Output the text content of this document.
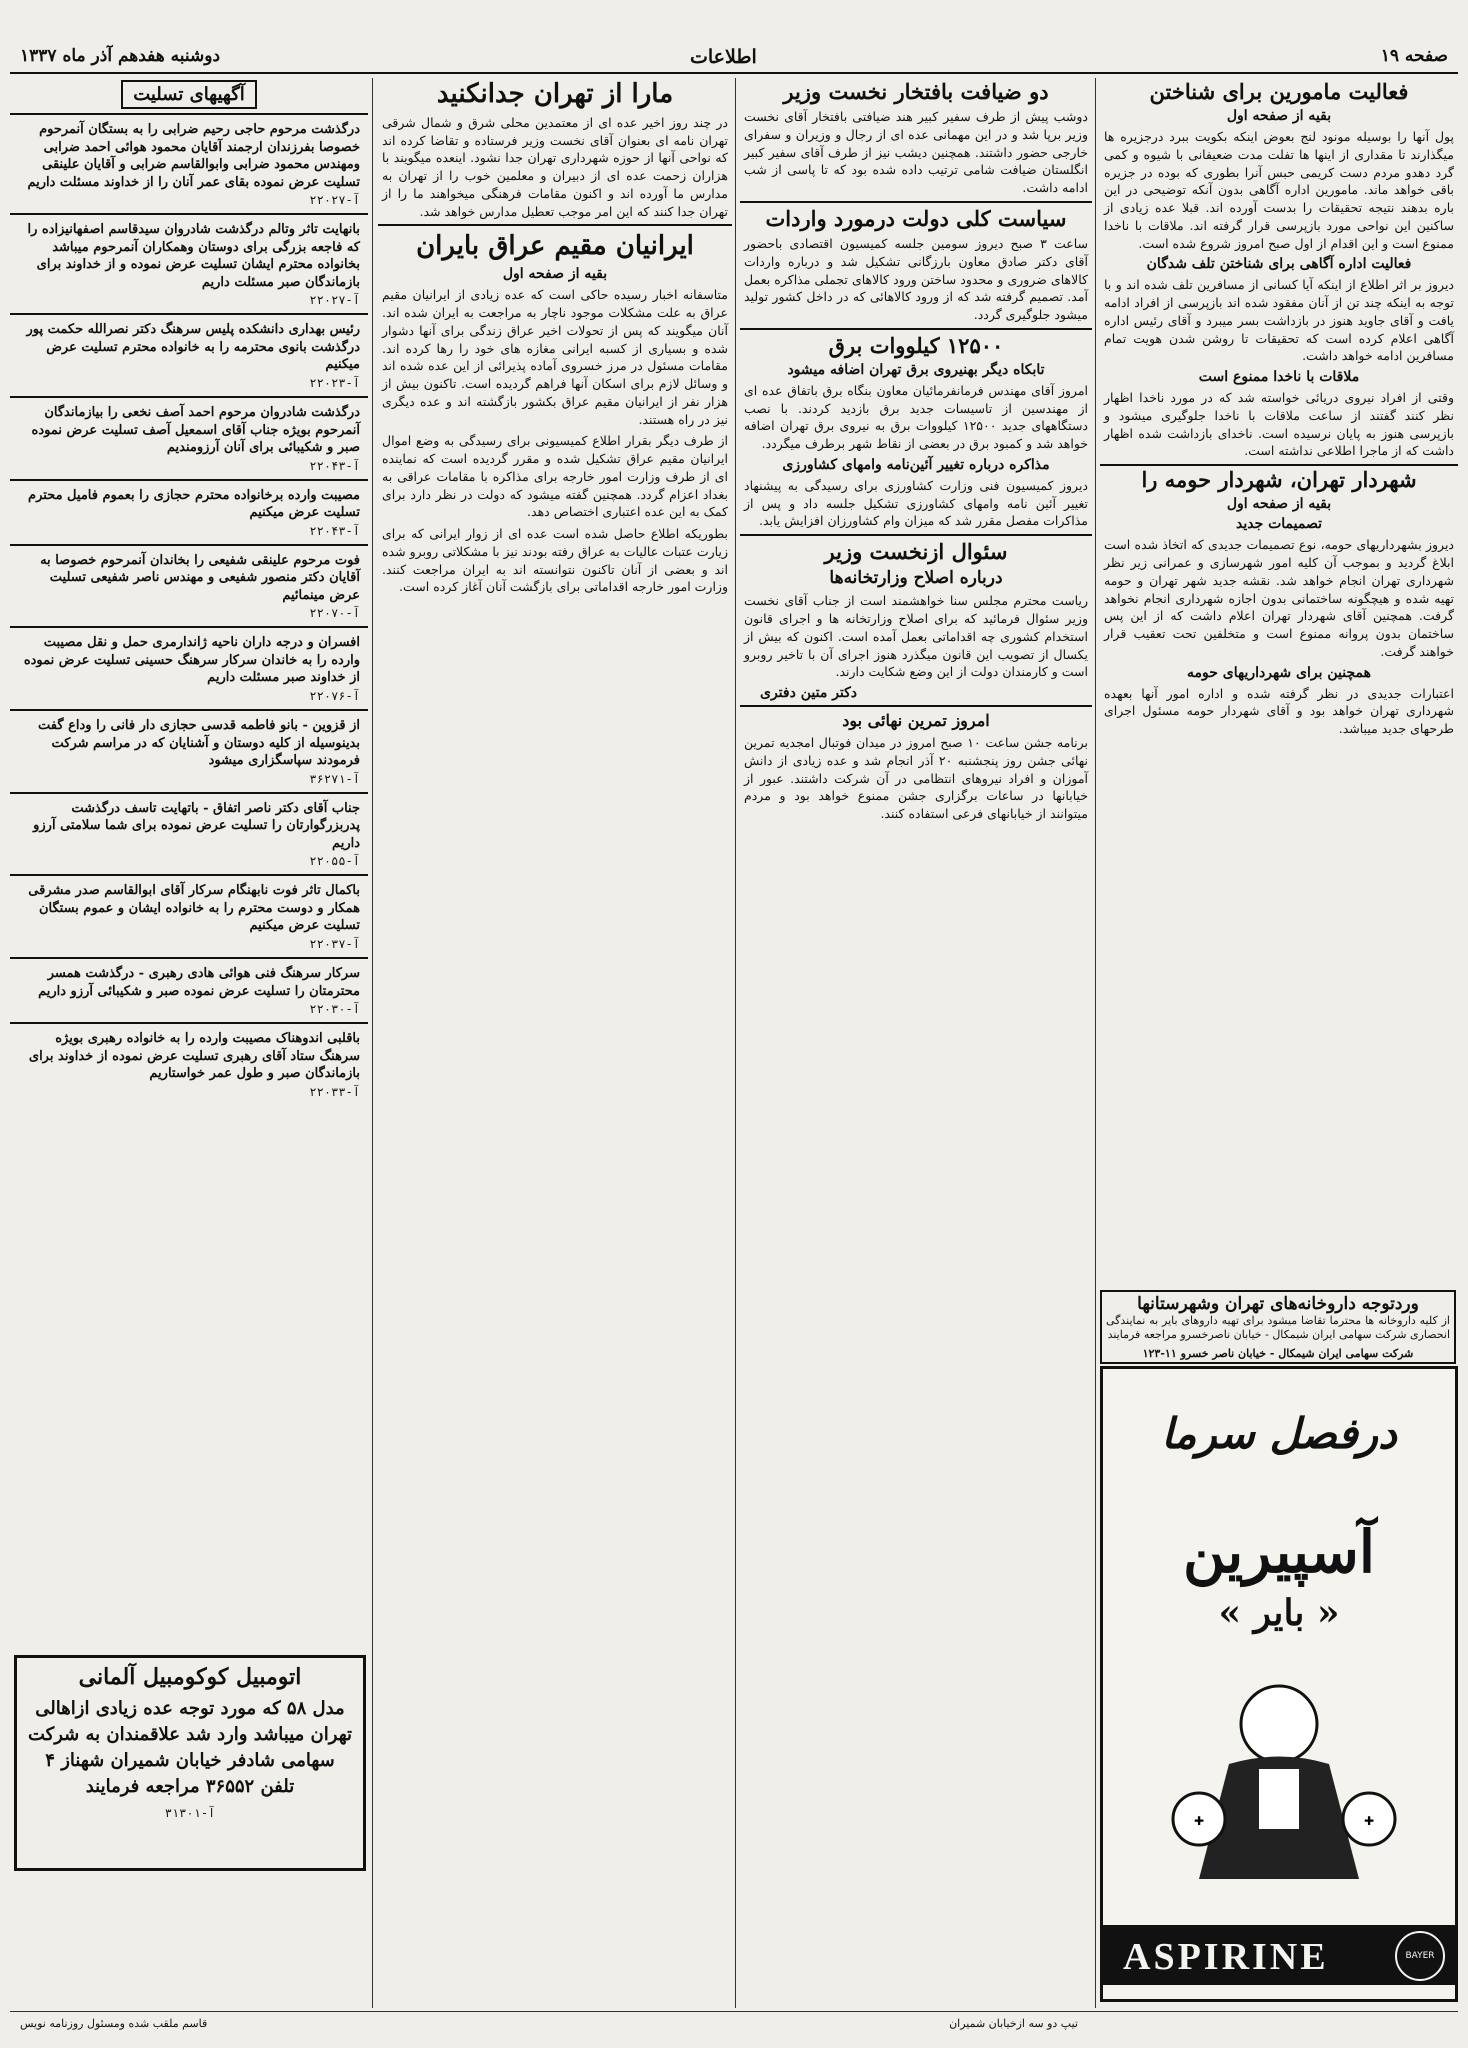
صفحه ۱۹
اطلاعات
دوشنبه هفدهم آذر ماه ۱۳۳۷
فعالیت مامورین برای شناختن
بقیه از صفحه اول

پول آنها را بوسیله مونود لنج بعوض اینکه بکویت ببرد درجزیره ها میگذارند تا مقداری از اینها ها تفلت مدت ضعیفانی با شیوه و کمی گرد دهدو مردم دست کریمی حبس آنرا بطوری که بوده در جزیره باقی خواهد ماند. مامورین اداره آگاهی بدون آنکه توضیحی در این باره بدهند نتیجه تحقیقات را بدست آورده اند. قبلا عده زیادی از ساکنین این نواحی مورد بازپرسی قرار گرفته اند. ملاقات با ناخدا ممنوع است و این اقدام از اول صبح امروز شروع شده است.

فعالیت اداره آگاهی برای شناختن تلف شدگان

دیروز بر اثر اطلاع از اینکه آیا کسانی از مسافرین تلف شده اند و با توجه به اینکه چند تن از آنان مفقود شده اند بازپرسی از افراد ادامه یافت و آقای جاوید هنوز در بازداشت بسر میبرد و آقای رئیس اداره آگاهی اعلام کرده است که تحقیقات تا روشن شدن هویت تمام مسافرین ادامه خواهد داشت.

ملاقات با ناخدا ممنوع است

وقتی از افراد نیروی دریائی خواسته شد که در مورد ناخدا اظهار نظر کنند گفتند از ساعت ملاقات با ناخدا جلوگیری میشود و بازپرسی هنوز به پایان نرسیده است. ناخدای بازداشت شده اظهار داشت که از ماجرا اطلاعی نداشته است.

شهردار تهران، شهردار حومه را
بقیه از صفحه اول
تصمیمات جدید

دیروز بشهرداریهای حومه، نوع تصمیمات جدیدی که اتخاذ شده است ابلاغ گردید و بموجب آن کلیه امور شهرسازی و عمرانی زیر نظر شهرداری تهران انجام خواهد شد. نقشه جدید شهر تهران و حومه تهیه شده و هیچگونه ساختمانی بدون اجازه شهرداری انجام نخواهد گرفت. همچنین آقای شهردار تهران اعلام داشت که از این پس ساختمان بدون پروانه ممنوع است و متخلفین تحت تعقیب قرار خواهند گرفت.

همچنین برای شهرداریهای حومه

اعتبارات جدیدی در نظر گرفته شده و اداره امور آنها بعهده شهرداری تهران خواهد بود و آقای شهردار حومه مسئول اجرای طرحهای جدید میباشد.

وردتوجه داروخانه‌های تهران وشهرستانها
از کلیه داروخانه ها محترما تقاضا میشود برای تهیه داروهای بایر به نمایندگی انحصاری شرکت سهامی ایران شیمکال - خیابان ناصرخسرو مراجعه فرمایند
شرکت سهامی ایران شیمکال - خیابان ناصر خسرو ۱۱-۱۲۳
درفصل سرما
آسپیرین
« بایر »
✚	✚
ASPIRINE	BAYER
دو ضیافت بافتخار نخست وزیر

دوشب پیش از طرف سفیر کبیر هند ضیافتی بافتخار آقای نخست وزیر برپا شد و در این مهمانی عده ای از رجال و وزیران و سفرای خارجی حضور داشتند. همچنین دیشب نیز از طرف آقای سفیر کبیر انگلستان ضیافت شامی ترتیب داده شده بود که تا پاسی از شب ادامه داشت.

سیاست کلی دولت درمورد واردات

ساعت ۳ صبح دیروز سومین جلسه کمیسیون اقتصادی باحضور آقای دکتر صادق معاون بارزگانی تشکیل شد و درباره واردات کالاهای ضروری و محدود ساختن ورود کالاهای تجملی مذاکره بعمل آمد. تصمیم گرفته شد که از ورود کالاهائی که در داخل کشور تولید میشود جلوگیری گردد.

۱۲۵۰۰ کیلووات برق
تابکاه دیگر بهنیروی برق تهران اضافه میشود

امروز آقای مهندس فرمانفرمائیان معاون بنگاه برق باتفاق عده ای از مهندسین از تاسیسات جدید برق بازدید کردند. با نصب دستگاههای جدید ۱۲۵۰۰ کیلووات برق به نیروی برق تهران اضافه خواهد شد و کمبود برق در بعضی از نقاط شهر برطرف میگردد.

مذاکره درباره تغییر آئین‌نامه وامهای کشاورزی

دیروز کمیسیون فنی وزارت کشاورزی برای رسیدگی به پیشنهاد تغییر آئین نامه وامهای کشاورزی تشکیل جلسه داد و پس از مذاکرات مفصل مقرر شد که میزان وام کشاورزان افزایش یابد.

سئوال ازنخست وزیر
درباره اصلاح وزارتخانه‌ها

ریاست محترم مجلس سنا خواهشمند است از جناب آقای نخست وزیر سئوال فرمائید که برای اصلاح وزارتخانه ها و اجرای قانون استخدام کشوری چه اقداماتی بعمل آمده است. اکنون که بیش از یکسال از تصویب این قانون میگذرد هنوز اجرای آن با تاخیر روبرو است و کارمندان دولت از این وضع شکایت دارند.

دکتر متین دفتری
امروز تمرین نهائی بود

برنامه جشن ساعت ۱۰ صبح امروز در میدان فوتبال امجدیه تمرین نهائی جشن روز پنجشنبه ۲۰ آذر انجام شد و عده زیادی از دانش آموزان و افراد نیروهای انتظامی در آن شرکت داشتند. عبور از خیابانها در ساعات برگزاری جشن ممنوع خواهد بود و مردم میتوانند از خیابانهای فرعی استفاده کنند.

مارا از تهران جدانکنید

در چند روز اخیر عده ای از معتمدین محلی شرق و شمال شرقی تهران نامه ای بعنوان آقای نخست وزیر فرستاده و تقاضا کرده اند که نواحی آنها از حوزه شهرداری تهران جدا نشود. اینعده میگویند با هزاران زحمت عده ای از دبیران و معلمین خوب را از تهران به مدارس ما آورده اند و اکنون مقامات فرهنگی میخواهند ما را از تهران جدا کنند که این امر موجب تعطیل مدارس خواهد شد.

ایرانیان مقیم عراق بایران
بقیه از صفحه اول

متاسفانه اخبار رسیده حاکی است که عده زیادی از ایرانیان مقیم عراق به علت مشکلات موجود ناچار به مراجعت به ایران شده اند. آنان میگویند که پس از تحولات اخیر عراق زندگی برای آنها دشوار شده و بسیاری از کسبه ایرانی مغازه های خود را رها کرده اند. مقامات مسئول در مرز خسروی آماده پذیرائی از این عده شده اند و وسائل لازم برای اسکان آنها فراهم گردیده است. تاکنون بیش از هزار نفر از ایرانیان مقیم عراق بکشور بازگشته اند و عده دیگری نیز در راه هستند.

از طرف دیگر بقرار اطلاع کمیسیونی برای رسیدگی به وضع اموال ایرانیان مقیم عراق تشکیل شده و مقرر گردیده است که نماینده ای از طرف وزارت امور خارجه برای مذاکره با مقامات عراقی به بغداد اعزام گردد. همچنین گفته میشود که دولت در نظر دارد برای کمک به این عده اعتباری اختصاص دهد.

بطوریکه اطلاع حاصل شده است عده ای از زوار ایرانی که برای زیارت عتبات عالیات به عراق رفته بودند نیز با مشکلاتی روبرو شده اند و بعضی از آنان تاکنون نتوانسته اند به ایران مراجعت کنند. وزارت امور خارجه اقداماتی برای بازگشت آنان آغاز کرده است.

آگهیهای تسلیت
درگذشت مرحوم حاجی رحیم ضرابی را به بستگان آنمرحوم خصوصا بفرزندان ارجمند آقایان محمود هوائی احمد ضرابی ومهندس محمود ضرابی وابوالقاسم ضرابی و آقایان علینقی تسلیت عرض نموده بقای عمر آنان را از خداوند مسئلت داریم
آ-۲۲۰۲۷
بانهایت تاثر وتالم درگذشت شادروان سیدقاسم اصفهانیزاده را که فاجعه بزرگی برای دوستان وهمکاران آنمرحوم میباشد بخانواده محترم ایشان تسلیت عرض نموده و از خداوند برای بازماندگان صبر مسئلت داریم
آ-۲۲۰۲۷
رئیس بهداری دانشکده پلیس سرهنگ دکتر نصرالله حکمت پور درگذشت بانوی محترمه را به خانواده محترم تسلیت عرض میکنیم
آ-۲۲۰۲۳
درگذشت شادروان مرحوم احمد آصف نخعی را بیازماندگان آنمرحوم بویژه جناب آقای اسمعیل آصف تسلیت عرض نموده صبر و شکیبائی برای آنان آرزومندیم
آ-۲۲۰۴۳
مصیبت وارده برخانواده محترم حجازی را بعموم فامیل محترم تسلیت عرض میکنیم
آ-۲۲۰۴۳
فوت مرحوم علینقی شفیعی را بخاندان آنمرحوم خصوصا به آقایان دکتر منصور شفیعی و مهندس ناصر شفیعی تسلیت عرض مینمائیم
آ-۲۲۰۷۰
افسران و درجه داران ناحیه ژاندارمری حمل و نقل مصیبت وارده را به خاندان سرکار سرهنگ حسینی تسلیت عرض نموده از خداوند صبر مسئلت داریم
آ-۲۲۰۷۶
از قزوین - بانو فاطمه قدسی حجازی دار فانی را وداع گفت بدینوسیله از کلیه دوستان و آشنایان که در مراسم شرکت فرمودند سپاسگزاری میشود
آ-۳۶۲۷۱
جناب آقای دکتر ناصر اتفاق - باتهایت تاسف درگذشت پدربزرگوارتان را تسلیت عرض نموده برای شما سلامتی آرزو داریم
آ-۲۲۰۵۵
باکمال تاثر فوت نابهنگام سرکار آقای ابوالقاسم صدر مشرقی همکار و دوست محترم را به خانواده ایشان و عموم بستگان تسلیت عرض میکنیم
آ-۲۲۰۳۷
سرکار سرهنگ فنی هوائی هادی رهبری - درگذشت همسر محترمتان را تسلیت عرض نموده صبر و شکیبائی آرزو داریم
آ-۲۲۰۳۰
باقلبی اندوهناک مصیبت وارده را به خانواده رهبری بویژه سرهنگ ستاد آقای رهبری تسلیت عرض نموده از خداوند برای بازماندگان صبر و طول عمر خواستاریم
آ-۲۲۰۳۳
اتومبیل کوکومبیل آلمانی
مدل ۵۸ که مورد توجه عده زیادی ازاهالی تهران میباشد وارد شد علاقمندان به شرکت سهامی شادفر خیابان شمیران شهناز ۴ تلفن ۳۶۵۵۲ مراجعه فرمایند
آ-۳۱۳۰۱
تیپ دو سه ازخیابان شمیران
قاسم ملقب شده ومسئول روزنامه نویس
